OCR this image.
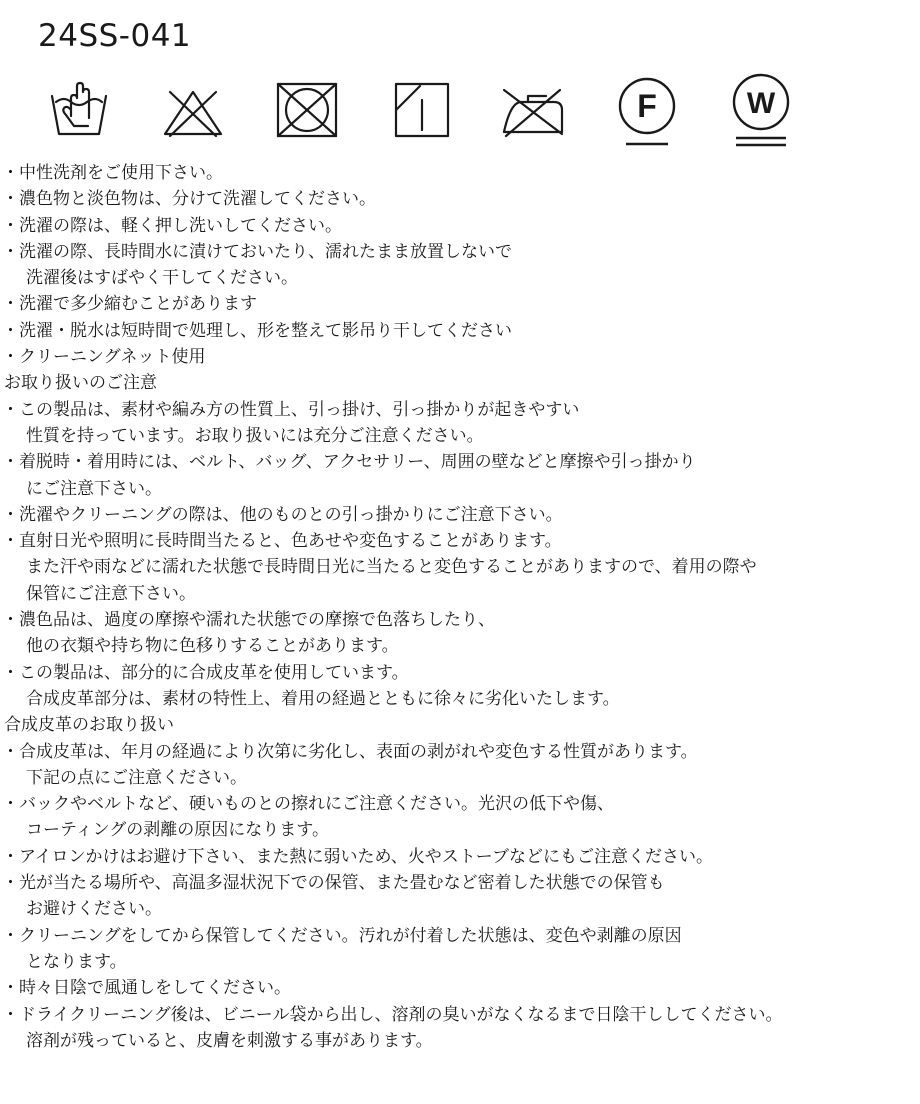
24SS-041
F	W
・中性洗剤をご使用下さい。
・濃色物と淡色物は、分けて洗濯してください。
・洗濯の際は、軽く押し洗いしてください。
・洗濯の際、長時間水に漬けておいたり、濡れたまま放置しないで
洗濯後はすばやく干してください。
・洗濯で多少縮むことがあります
・洗濯・脱水は短時間で処理し、形を整えて影吊り干してください
・クリーニングネット使用
お取り扱いのご注意
・この製品は、素材や編み方の性質上、引っ掛け、引っ掛かりが起きやすい
性質を持っています。お取り扱いには充分ご注意ください。
・着脱時・着用時には、ベルト、バッグ、アクセサリー、周囲の壁などと摩擦や引っ掛かり
にご注意下さい。
・洗濯やクリーニングの際は、他のものとの引っ掛かりにご注意下さい。
・直射日光や照明に長時間当たると、色あせや変色することがあります。
また汗や雨などに濡れた状態で長時間日光に当たると変色することがありますので、着用の際や
保管にご注意下さい。
・濃色品は、過度の摩擦や濡れた状態での摩擦で色落ちしたり、
他の衣類や持ち物に色移りすることがあります。
・この製品は、部分的に合成皮革を使用しています。
合成皮革部分は、素材の特性上、着用の経過とともに徐々に劣化いたします。
合成皮革のお取り扱い
・合成皮革は、年月の経過により次第に劣化し、表面の剥がれや変色する性質があります。
下記の点にご注意ください。
・バックやベルトなど、硬いものとの擦れにご注意ください。光沢の低下や傷、
コーティングの剥離の原因になります。
・アイロンかけはお避け下さい、また熱に弱いため、火やストーブなどにもご注意ください。
・光が当たる場所や、高温多湿状況下での保管、また畳むなど密着した状態での保管も
お避けください。
・クリーニングをしてから保管してください。汚れが付着した状態は、変色や剥離の原因
となります。
・時々日陰で風通しをしてください。
・ドライクリーニング後は、ビニール袋から出し、溶剤の臭いがなくなるまで日陰干ししてください。
溶剤が残っていると、皮膚を刺激する事があります。
